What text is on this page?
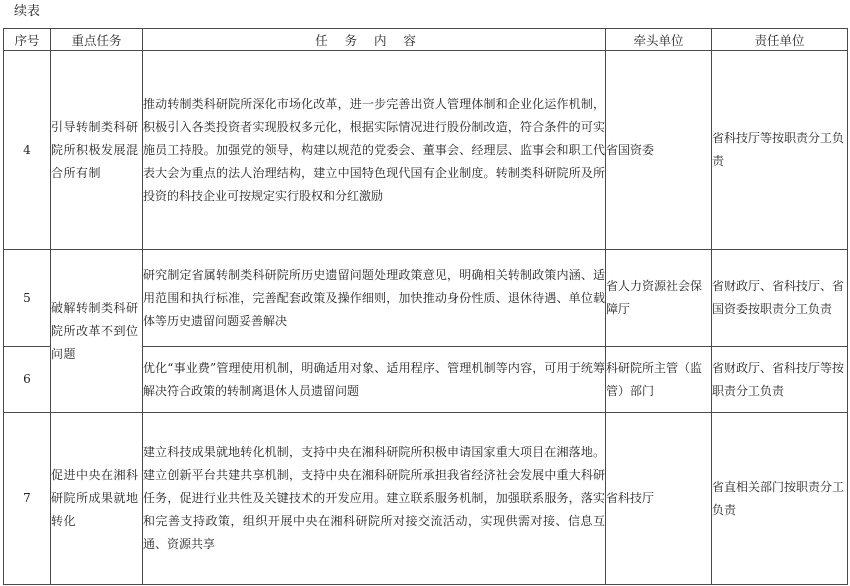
续表
序号	重点任务	任务内容	牵头单位	责任单位
4	引导转制类科研院所积极发展混合所有制	推动转制类科研院所深化市场化改革，进一步完善出资人管理体制和企业化运作机制，积极引入各类投资者实现股权多元化，根据实际情况进行股份制改造，符合条件的可实施员工持股。加强党的领导，构建以规范的党委会、董事会、经理层、监事会和职工代表大会为重点的法人治理结构，建立中国特色现代国有企业制度。转制类科研院所及所投资的科技企业可按规定实行股权和分红激励	省国资委	省科技厅等按职责分工负责
5	破解转制类科研院所改革不到位问题	研究制定省属转制类科研院所历史遗留问题处理政策意见，明确相关转制政策内涵、适用范围和执行标准，完善配套政策及操作细则，加快推动身份性质、退休待遇、单位载体等历史遗留问题妥善解决	省人力资源社会保障厅	省财政厅、省科技厅、省国资委按职责分工负责
6		优化“事业费”管理使用机制，明确适用对象、适用程序、管理机制等内容，可用于统筹解决符合政策的转制离退休人员遗留问题	科研院所主管（监管）部门	省财政厅、省科技厅等按职责分工负责
7	促进中央在湘科研院所成果就地转化	建立科技成果就地转化机制，支持中央在湘科研院所积极申请国家重大项目在湘落地。建立创新平台共建共享机制，支持中央在湘科研院所承担我省经济社会发展中重大科研任务，促进行业共性及关键技术的开发应用。建立联系服务机制，加强联系服务，落实和完善支持政策，组织开展中央在湘科研院所对接交流活动，实现供需对接、信息互通、资源共享	省科技厅	省直相关部门按职责分工负责
